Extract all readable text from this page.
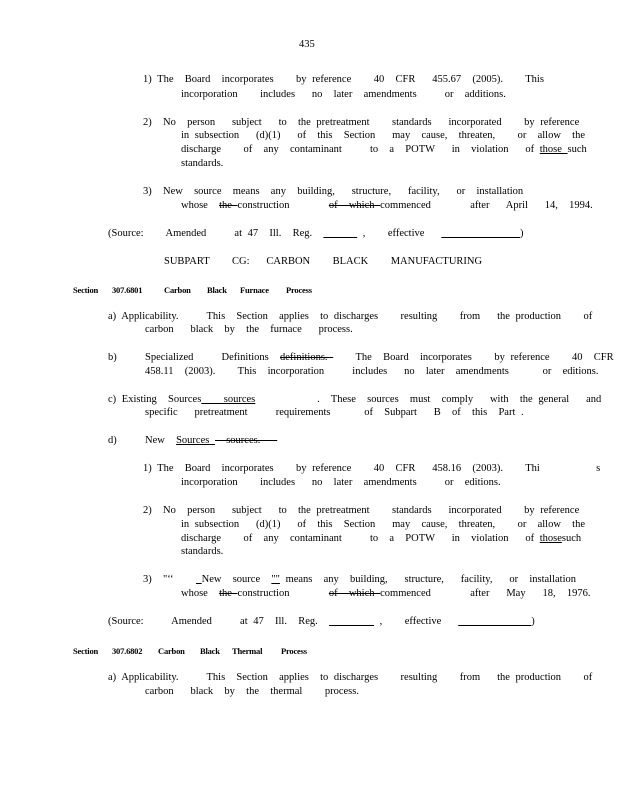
435
1) The  Board  incorporates    by reference    40  CFR   455.67  (2005).    This
incorporation    includes   no  later  amendments     or  additions.
2)  No  person   subject   to  the pretreatment    standards   incorporated    by reference
in subsection   (d)(1)   of  this  Section   may  cause,  threaten,    or  allow  the
discharge    of  any  contaminant     to  a  POTW   in  violation   of those such
standards.
3)  New  source  means  any  building,   structure,   facility,   or  installation
whose  the construction       of  which commenced       after   April   14,  1994.
(Source:    Amended     at 47  Ill.  Reg.	,    effective	)
SUBPART    CG:   CARBON    BLACK    MANUFACTURING
Section 307.6801	Carbon Black Furnace Process
a) Applicability.     This  Section  applies  to discharges    resulting    from   the production    of
carbon   black  by  the  furnace   process.
b)	Specialized     Definitions  definitions.     The  Board  incorporates    by reference    40  CFR
458.11  (2003).    This  incorporation     includes   no  later  amendments      or  editions.
c) Existing  Sources    sources           .  These  sources  must  comply   with  the general   and
specific   pretreatment     requirements      of  Subpart   B  of  this  Part .
d)	New  Sources   sources.
1) The  Board  incorporates    by reference    40  CFR   458.16  (2003).    Thi          s
incorporation    includes   no  later  amendments     or  editions.
2)  No  person   subject   to  the pretreatment    standards   incorporated    by reference
in subsection   (d)(1)   of  this  Section   may  cause,  threaten,    or  allow  the
discharge    of  any  contaminant     to  a  POTW   in  violation   of thosesuch
standards.
3)  "‘‘     New  source  "" means  any  building,   structure,   facility,   or  installation
whose  the construction       of  which commenced       after   May   18,  1976.
(Source:     Amended     at 47  Ill.  Reg.	,    effective	)
Section 307.6802 Carbon Black Thermal Process
a) Applicability.     This  Section  applies  to discharges    resulting    from   the production    of
carbon   black  by  the  thermal    process.
